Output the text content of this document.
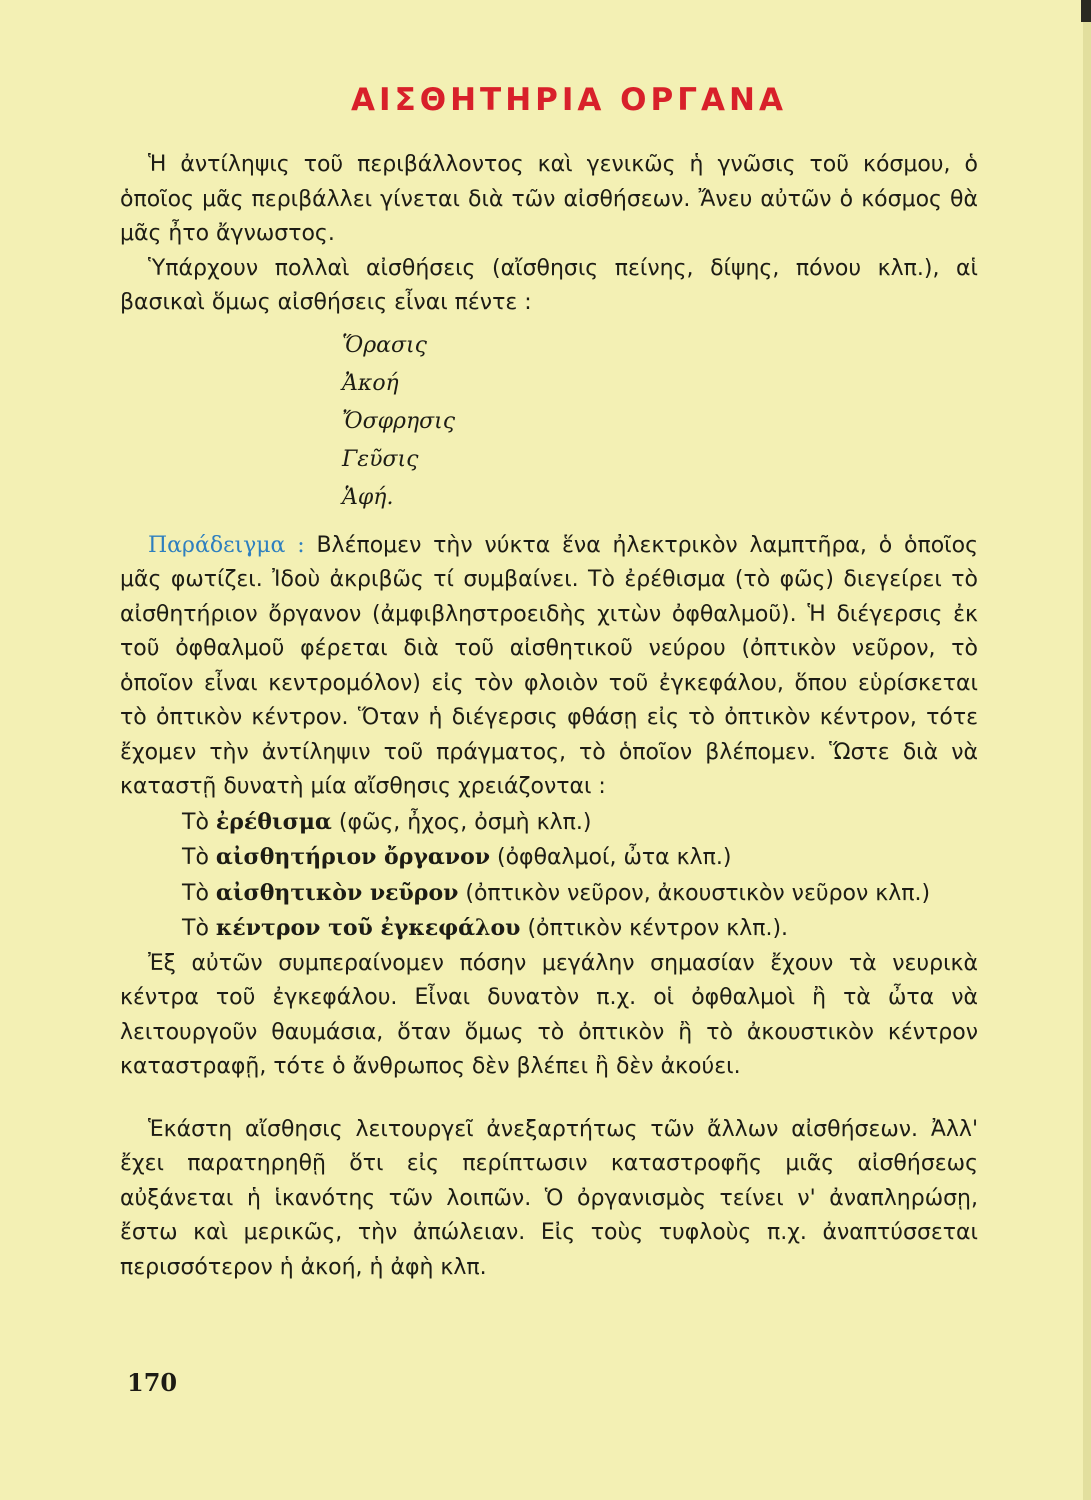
ΑΙΣΘΗΤΗΡΙΑ ΟΡΓΑΝΑ

Ἡ ἀντίληψις τοῦ περιβάλλοντος καὶ γενικῶς ἡ γνῶσις τοῦ κόσμου, ὁ ὁποῖος μᾶς περιβάλλει γίνεται διὰ τῶν αἰσθήσεων. Ἄνευ αὐτῶν ὁ κόσμος θὰ μᾶς ἦτο ἄγνωστος.

Ὑπάρχουν πολλαὶ αἰσθήσεις (αἴσθησις πείνης, δίψης, πόνου κλπ.), αἱ βασικαὶ ὅμως αἰσθήσεις εἶναι πέντε :

Ὅρασις
Ἀκοή
Ὄσφρησις
Γεῦσις
Ἁφή.

Παράδειγμα : Βλέπομεν τὴν νύκτα ἕνα ἠλεκτρικὸν λαμπτῆρα, ὁ ὁποῖος μᾶς φωτίζει. Ἰδοὺ ἀκριβῶς τί συμβαίνει. Τὸ ἐρέθισμα (τὸ φῶς) διεγείρει τὸ αἰσθητήριον ὄργανον (ἀμφιβληστροειδὴς χιτὼν ὀφθαλμοῦ). Ἡ διέγερσις ἐκ τοῦ ὀφθαλμοῦ φέρεται διὰ τοῦ αἰσθητικοῦ νεύρου (ὀπτικὸν νεῦρον, τὸ ὁποῖον εἶναι κεντρομόλον) εἰς τὸν φλοιὸν τοῦ ἐγκεφάλου, ὅπου εὑρίσκεται τὸ ὀπτικὸν κέντρον. Ὅταν ἡ διέγερσις φθάσῃ εἰς τὸ ὀπτικὸν κέντρον, τότε ἔχομεν τὴν ἀντίληψιν τοῦ πράγματος, τὸ ὁποῖον βλέπομεν. Ὥστε διὰ νὰ καταστῇ δυνατὴ μία αἴσθησις χρειάζονται :

Τὸ ἐρέθισμα (φῶς, ἦχος, ὀσμὴ κλπ.)
Τὸ αἰσθητήριον ὄργανον (ὀφθαλμοί, ὦτα κλπ.)
Τὸ αἰσθητικὸν νεῦρον (ὀπτικὸν νεῦρον, ἀκουστικὸν νεῦρον κλπ.)
Τὸ κέντρον τοῦ ἐγκεφάλου (ὀπτικὸν κέντρον κλπ.).

Ἐξ αὐτῶν συμπεραίνομεν πόσην μεγάλην σημασίαν ἔχουν τὰ νευρικὰ κέντρα τοῦ ἐγκεφάλου. Εἶναι δυνατὸν π.χ. οἱ ὀφθαλμοὶ ἢ τὰ ὦτα νὰ λειτουργοῦν θαυμάσια, ὅταν ὅμως τὸ ὀπτικὸν ἢ τὸ ἀκουστικὸν κέντρον καταστραφῇ, τότε ὁ ἄνθρωπος δὲν βλέπει ἢ δὲν ἀκούει.

Ἑκάστη αἴσθησις λειτουργεῖ ἀνεξαρτήτως τῶν ἄλλων αἰσθήσεων. Ἀλλ' ἔχει παρατηρηθῇ ὅτι εἰς περίπτωσιν καταστροφῆς μιᾶς αἰσθήσεως αὐξάνεται ἡ ἱκανότης τῶν λοιπῶν. Ὁ ὀργανισμὸς τείνει ν' ἀναπληρώσῃ, ἔστω καὶ μερικῶς, τὴν ἀπώλειαν. Εἰς τοὺς τυφλοὺς π.χ. ἀναπτύσσεται περισσότερον ἡ ἀκοή, ἡ ἀφὴ κλπ.

170
